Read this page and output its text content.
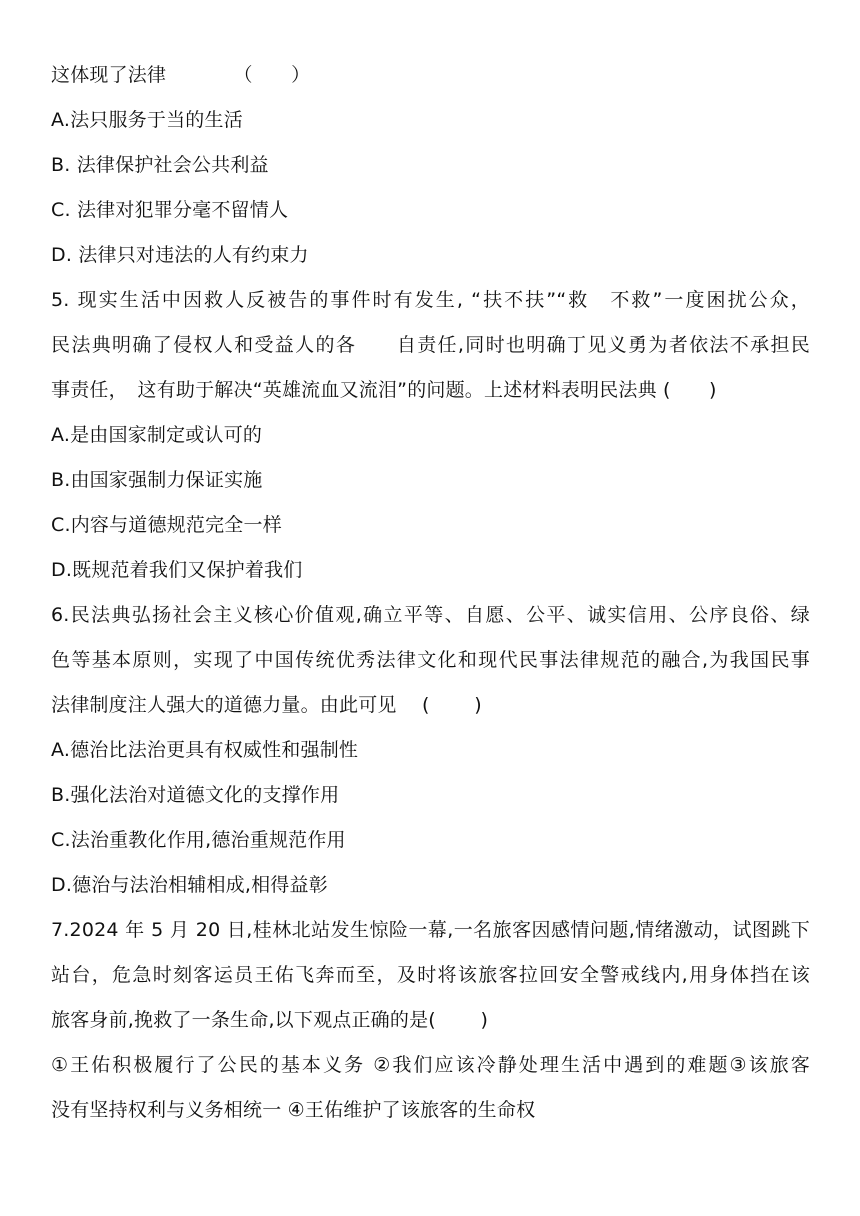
这体现了法律　　　　（　　）
A.法只服务于当的生活
B. 法律保护社会公共利益
C. 法律对犯罪分毫不留情人
D. 法律只对违法的人有约束力
5. 现实生活中因救人反被告的事件时有发生, “扶不扶”“救　不救”一度困扰公众，
民法典明确了侵权人和受益人的各　　自责任,同时也明确丁见义勇为者依法不承担民
事责任，　这有助于解决“英雄流血又流泪”的问题。上述材料表明民法典 (　　)
A.是由国家制定或认可的
B.由国家强制力保证实施
C.内容与道德规范完全一样
D.既规范着我们又保护着我们
6.民法典弘扬社会主义核心价值观,确立平等、自愿、公平、诚实信用、公序良俗、绿
色等基本原则，实现了中国传统优秀法律文化和现代民事法律规范的融合,为我国民事
法律制度注人强大的道德力量。由此可见　 (　　 )
A.德治比法治更具有权威性和强制性
B.强化法治对道德文化的支撑作用
C.法治重教化作用,德治重规范作用
D.德治与法治相辅相成,相得益彰
7.2024 年 5 月 20 日,桂林北站发生惊险一幕,一名旅客因感情问题,情绪激动，试图跳下
站台，危急时刻客运员王佑飞奔而至，及时将该旅客拉回安全警戒线内,用身体挡在该
旅客身前,挽救了一条生命,以下观点正确的是(　　 )
①王佑积极履行了公民的基本义务 ②我们应该冷静处理生活中遇到的难题③该旅客
没有坚持权利与义务相统一 ④王佑维护了该旅客的生命权
